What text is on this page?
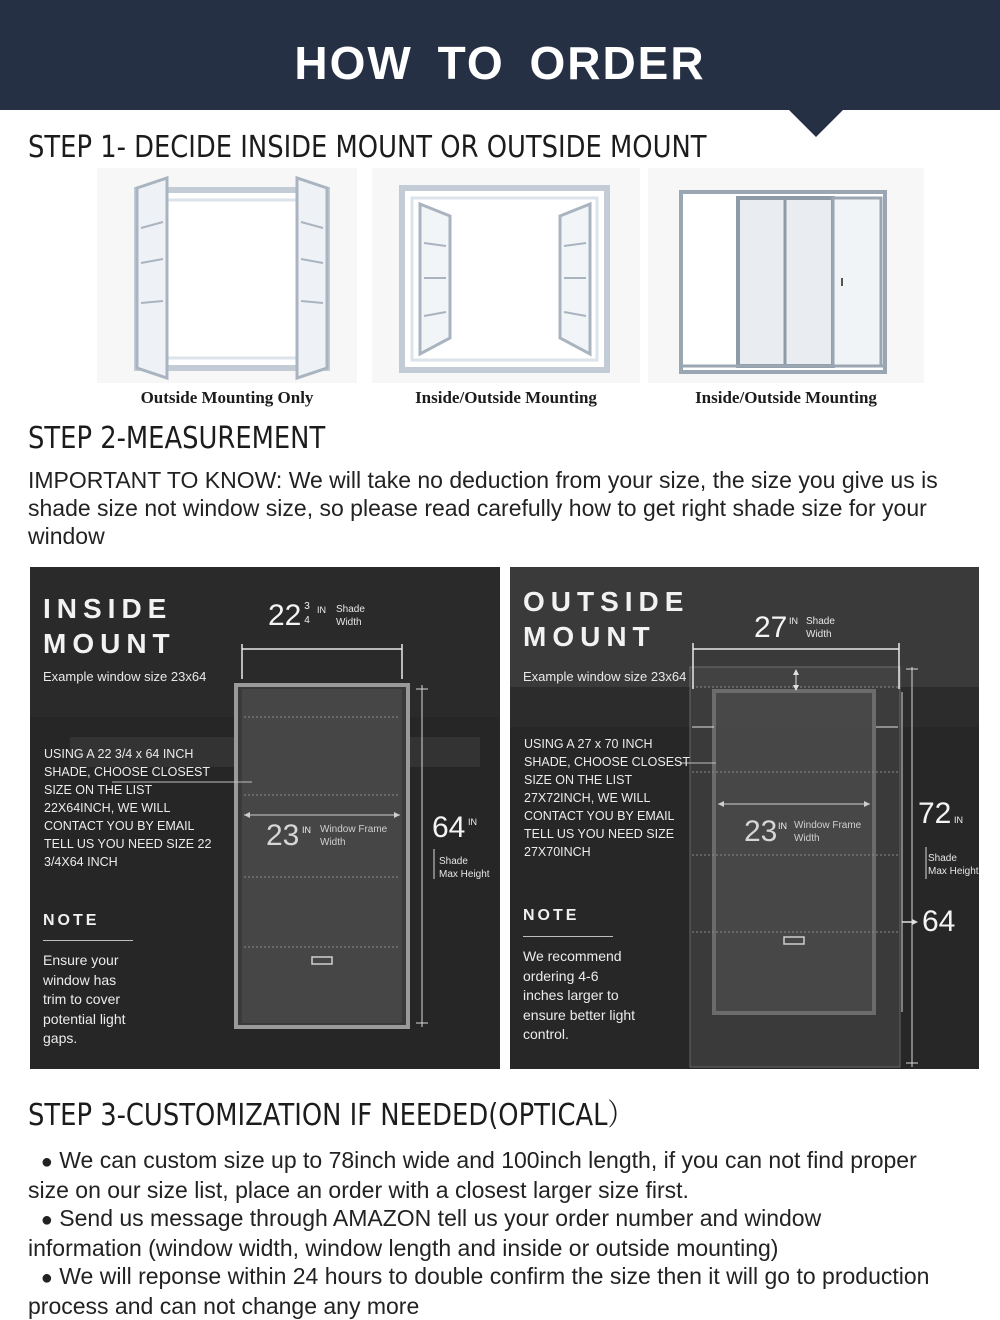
HOW TO ORDER
STEP 1- DECIDE INSIDE MOUNT OR OUTSIDE MOUNT
Outside Mounting Only	Inside/Outside Mounting	Inside/Outside Mounting
STEP 2-MEASUREMENT
IMPORTANT TO KNOW: We will take no deduction from your size, the size you give us is shade size not window size, so please read carefully how to get right shade size for your window
INSIDE
MOUNT
Example window size 23x64
22 3
4
IN Shade
Width
USING A 22 3/4 x 64 INCH
SHADE, CHOOSE CLOSEST
SIZE ON THE LIST
22X64INCH, WE WILL
CONTACT YOU BY EMAIL
TELL US YOU NEED SIZE 22
3/4X64 INCH
23 IN Window Frame
Width	64 IN
Shade
Max Height
NOTE
Ensure your
window has
trim to cover
potential light
gaps.
OUTSIDE
MOUNT
Example window size 23x64
27 IN Shade
Width
USING A 27 x 70 INCH
SHADE, CHOOSE CLOSEST
SIZE ON THE LIST
27X72INCH, WE WILL
CONTACT YOU BY EMAIL
TELL US YOU NEED SIZE
27X70INCH
23 IN Window Frame
Width
72 IN
Shade
Max Height
64
NOTE
We recommend
ordering 4-6
inches larger to
ensure better light
control.
STEP 3-CUSTOMIZATION IF NEEDED(OPTICAL）
● We can custom size up to 78inch wide and 100inch length, if you can not find proper
size on our size list, place an order with a closest larger size first.
● Send us message through AMAZON tell us your order number and window
information (window width, window length and inside or outside mounting)
● We will reponse within 24 hours to double confirm the size then it will go to production
process and can not change any more
